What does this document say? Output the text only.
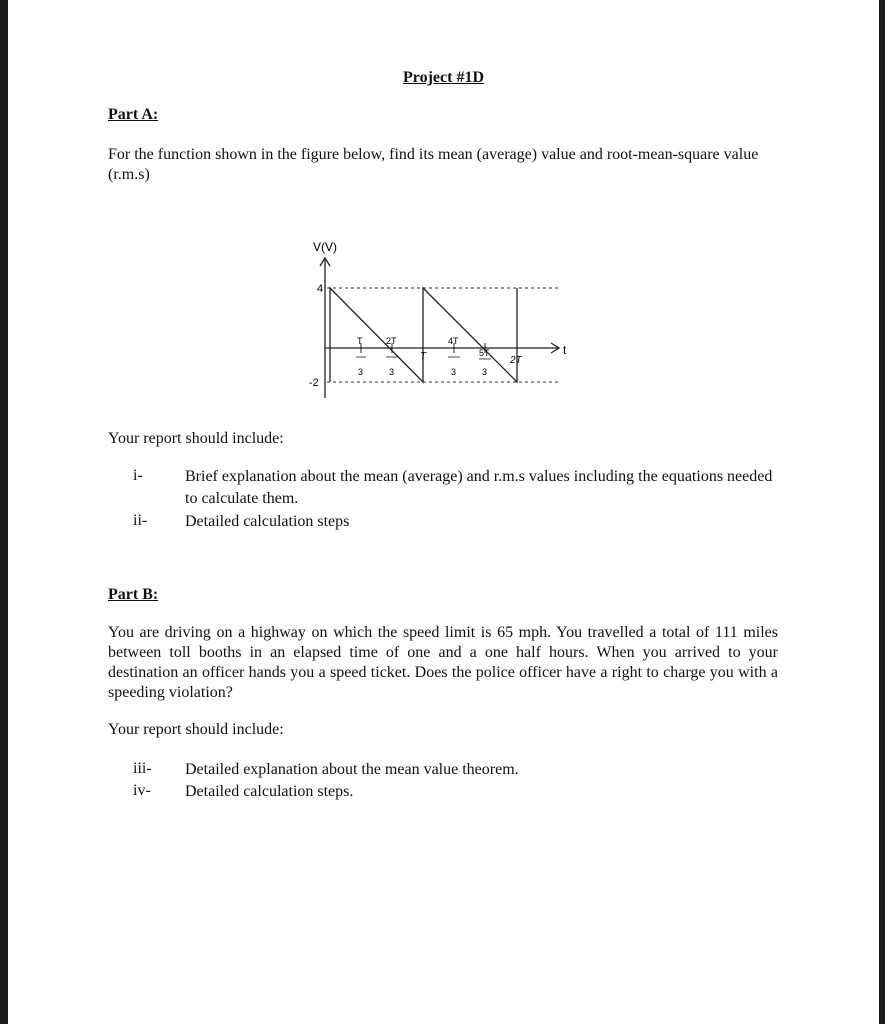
Project #1D
Part A:
For the function shown in the figure below, find its mean (average) value and root-mean-square value (r.m.s)
V(V)
t
4
-2
T
3
2T
3
T
4T
3
5T
3
2T
Your report should include:
i-	Brief explanation about the mean (average) and r.m.s values including the equations needed to calculate them.
ii- Detailed calculation steps
Part B:
You are driving on a highway on which the speed limit is 65 mph. You travelled a total of 111 miles between toll booths in an elapsed time of one and a one half hours. When you arrived to your destination an officer hands you a speed ticket. Does the police officer have a right to charge you with a speeding violation?
Your report should include:
iii- Detailed explanation about the mean value theorem.
iv- Detailed calculation steps.
